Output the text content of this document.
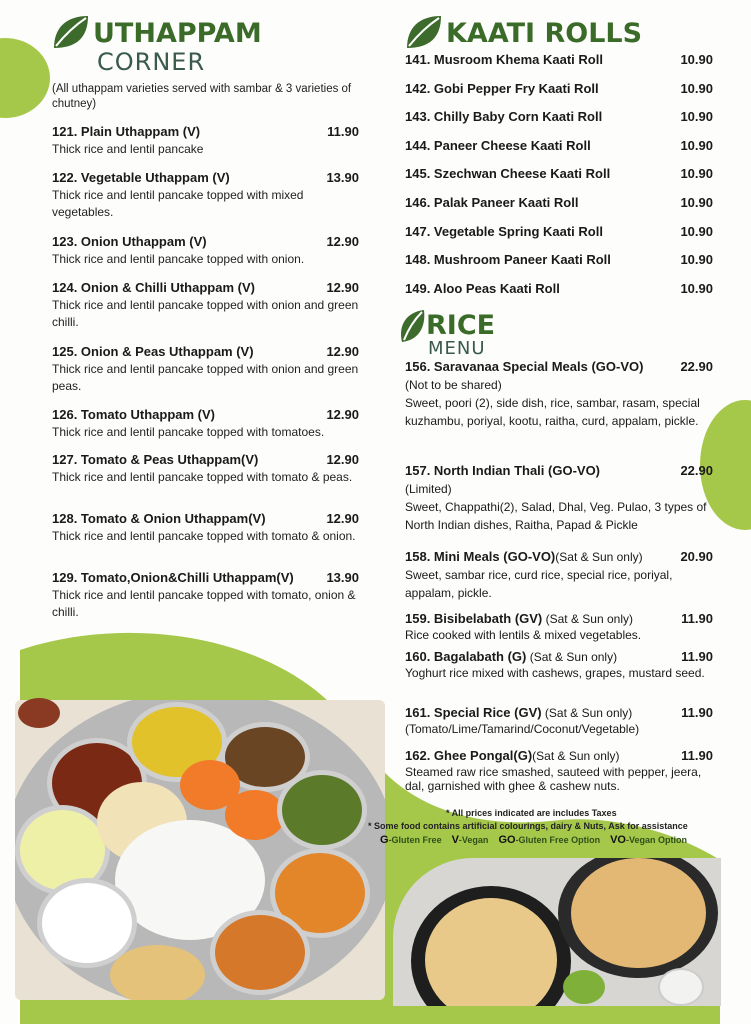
UTHAPPAM
CORNER
(All uthappam varieties served with sambar & 3 varieties of chutney)
121. Plain Uthappam (V)	11.90
Thick rice and lentil pancake
122. Vegetable Uthappam (V)	13.90
Thick rice and lentil pancake topped with mixed vegetables.
123. Onion Uthappam (V)	12.90
Thick rice and lentil pancake topped with onion.
124. Onion & Chilli Uthappam (V)	12.90
Thick rice and lentil pancake topped with onion and green chilli.
125. Onion & Peas Uthappam (V)	12.90
Thick rice and lentil pancake topped with onion and green peas.
126. Tomato Uthappam (V)	12.90
Thick rice and lentil pancake topped with tomatoes.
127. Tomato & Peas Uthappam(V)	12.90
Thick rice and lentil pancake topped with tomato & peas.
128. Tomato & Onion Uthappam(V)	12.90
Thick rice and lentil pancake topped with tomato & onion.
129. Tomato,Onion&Chilli Uthappam(V)	13.90
Thick rice and lentil pancake topped with tomato, onion & chilli.
KAATI ROLLS
141. Musroom Khema Kaati Roll	10.90
142. Gobi Pepper Fry Kaati Roll	10.90
143. Chilly Baby Corn Kaati Roll	10.90
144. Paneer Cheese Kaati Roll	10.90
145. Szechwan Cheese Kaati Roll	10.90
146. Palak Paneer Kaati Roll	10.90
147. Vegetable Spring Kaati Roll	10.90
148. Mushroom Paneer Kaati Roll	10.90
149. Aloo Peas Kaati Roll	10.90
RICE
MENU
156. Saravanaa Special Meals (GO-VO)	22.90
(Not to be shared)
Sweet, poori (2), side dish, rice, sambar, rasam, special kuzhambu, poriyal, kootu, raitha, curd, appalam, pickle.
157. North Indian Thali (GO-VO)	22.90
(Limited)
Sweet, Chappathi(2), Salad, Dhal, Veg. Pulao, 3 types of North Indian dishes, Raitha, Papad & Pickle
158. Mini Meals (GO-VO)(Sat & Sun only)	20.90
Sweet, sambar rice, curd rice, special rice, poriyal, appalam, pickle.
159. Bisibelabath (GV) (Sat & Sun only)	11.90
Rice cooked with lentils & mixed vegetables.
160. Bagalabath (G) (Sat & Sun only)	11.90
Yoghurt rice mixed with cashews, grapes, mustard seed.
161. Special Rice (GV) (Sat & Sun only)	11.90
(Tomato/Lime/Tamarind/Coconut/Vegetable)
162. Ghee Pongal(G)(Sat & Sun only)	11.90
Steamed raw rice smashed, sauteed with pepper, jeera, dal, garnished with ghee & cashew nuts.
* All prices indicated are includes Taxes
* Some food contains artificial colourings, dairy & Nuts, Ask for assistance
G-Gluten Free V-Vegan GO-Gluten Free Option VO-Vegan Option
